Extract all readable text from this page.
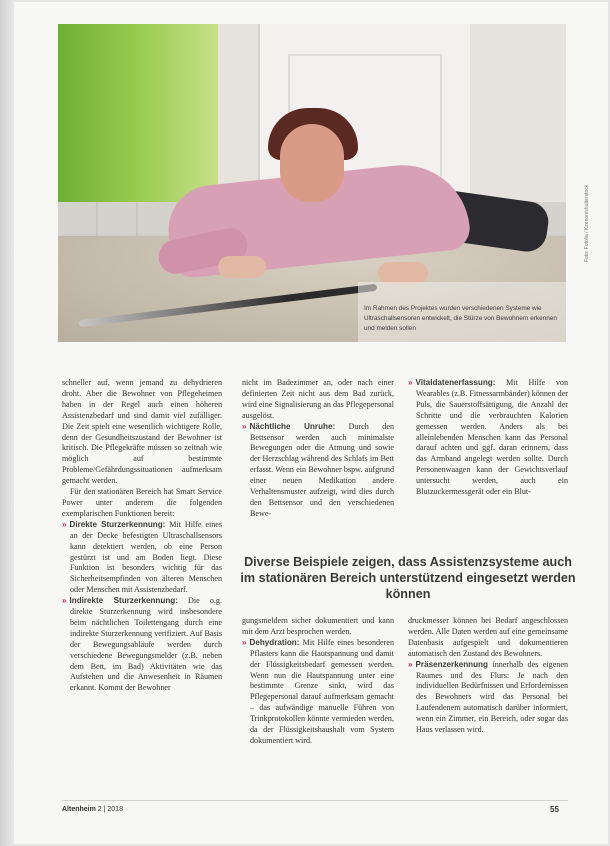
Im Rahmen des Projektes wurden verschiedenen Systeme wie Ultraschallsensoren entwickelt, die Stürze von Bewohnern erkennen und melden sollen
Foto: Fotolia / Kzenon/shutterstock

schneller auf, wenn jemand zu dehydrieren droht. Aber die Bewohner von Pflegeheimen haben in der Regel auch einen höheren Assistenzbedarf und sind damit viel zufälliger. Die Zeit spielt eine wesentlich wichtigere Rolle, denn der Gesundheitszustand der Bewohner ist kritisch. Die Pflegekräfte müssen so zeitnah wie möglich auf bestimmte Probleme/Gefährdungssituationen aufmerksam gemacht werden.

Für den stationären Bereich hat Smart Service Power unter anderem die folgenden exemplarischen Funktionen bereit:

» Direkte Sturzerkennung: Mit Hilfe eines an der Decke befestigten Ultraschallsensors kann detektiert werden, ob eine Person gestürzt ist und am Boden liegt. Diese Funktion ist besonders wichtig für das Sicherheitsempfinden von älteren Menschen oder Menschen mit Assistenzbedarf.

» Indirekte Sturzerkennung: Die o.g. direkte Sturzerkennung wird insbesondere beim nächtlichen Toilettengang durch eine indirekte Sturzerkennung verifiziert. Auf Basis der Bewegungsabläufe werden durch verschiedene Bewegungsmelder (z.B. neben dem Bett, im Bad) Aktivitäten wie das Aufstehen und die Anwesenheit in Räumen erkannt. Kommt der Bewohner

nicht im Badezimmer an, oder nach einer definierten Zeit nicht aus dem Bad zurück, wird eine Signalisierung an das Pflegepersonal ausgelöst.

» Nächtliche Unruhe: Durch den Bettsensor werden auch minimalste Bewegungen oder die Atmung und sowie der Herzschlag während des Schlafs im Bett erfasst. Wenn ein Bewohner bspw. aufgrund einer neuen Medikation andere Verhaltensmuster aufzeigt, wird dies durch den Bettsensor und den verschiedenen Bewe-

» Vitaldatenerfassung: Mit Hilfe von Wearables (z.B. Fitnessarmbänder) können der Puls, die Sauerstoffsättigung, die Anzahl der Schritte und die verbrauchten Kalorien gemessen werden. Anders als bei alleinlebenden Menschen kann das Personal darauf achten und ggf. daran erinnern, dass das Armband angelegt werden sollte. Durch Personenwaagen kann der Gewichtsverlauf untersucht werden, auch ein Blutzuckermessgerät oder ein Blut-

Diverse Beispiele zeigen, dass Assistenzsysteme auch im stationären Bereich unterstützend eingesetzt werden können

gungsmeldern sicher dokumentiert und kann mit dem Arzt besprochen werden.

» Dehydration: Mit Hilfe eines besonderen Pflasters kann die Hautspannung und damit der Flüssigkeitsbedarf gemessen werden. Wenn nun die Hautspannung unter eine bestimmte Grenze sinkt, wird das Pflegepersonal darauf aufmerksam gemacht – das aufwändige manuelle Führen von Trinkprotokollen könnte vermieden werden, da der Flüssigkeitshaushalt vom System dokumentiert wird.

druckmesser können bei Bedarf angeschlossen werden. Alle Daten werden auf eine gemeinsame Datenbasis aufgespielt und dokumentieren automatisch den Zustand des Bewohners.

» Präsenzerkennung innerhalb des eigenen Raumes und des Flurs: Je nach den individuellen Bedürfnissen und Erfordernissen des Bewohners wird das Personal bei Laufendenem automatisch darüber informiert, wenn ein Zimmer, ein Bereich, oder sogar das Haus verlassen wird.

Altenheim 2 | 2018	55
